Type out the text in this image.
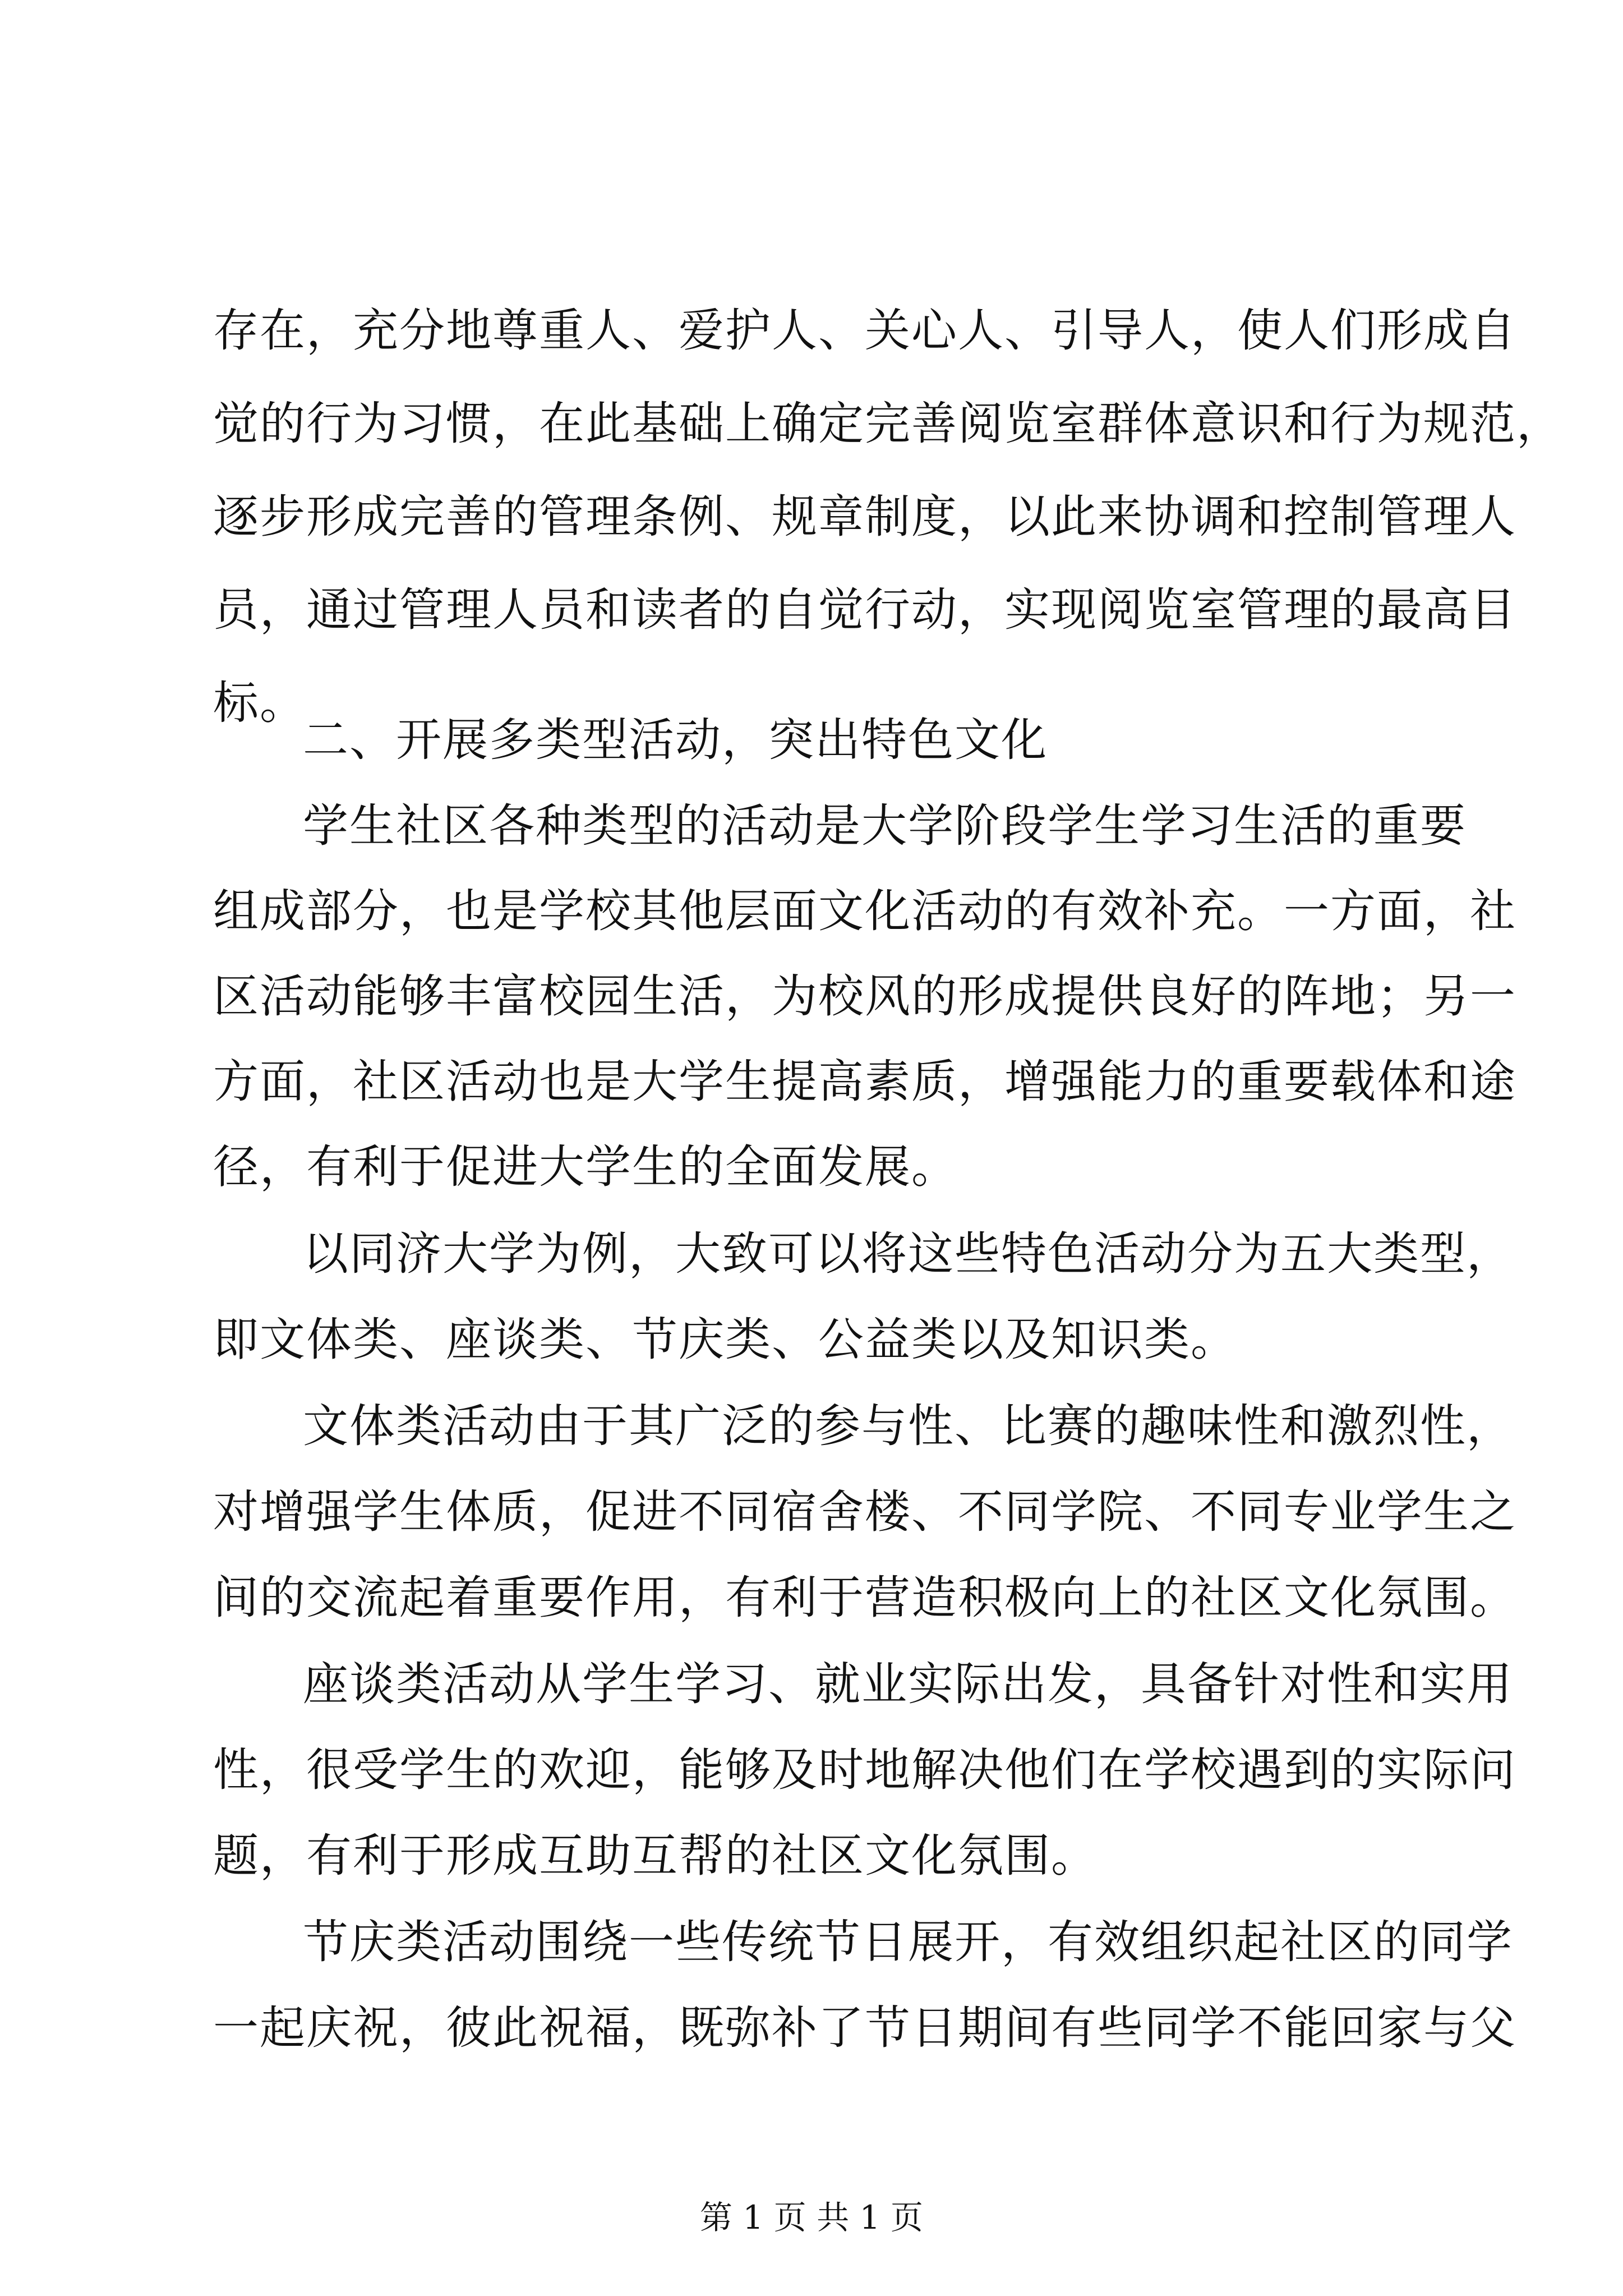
存在，充分地尊重人、爱护人、关心人、引导人，使人们形成自

觉的行为习惯，在此基础上确定完善阅览室群体意识和行为规范，

逐步形成完善的管理条例、规章制度，以此来协调和控制管理人

员，通过管理人员和读者的自觉行动，实现阅览室管理的最高目

标。

二、开展多类型活动，突出特色文化

学生社区各种类型的活动是大学阶段学生学习生活的重要

组成部分，也是学校其他层面文化活动的有效补充。一方面，社

区活动能够丰富校园生活，为校风的形成提供良好的阵地；另一

方面，社区活动也是大学生提高素质，增强能力的重要载体和途

径，有利于促进大学生的全面发展。

以同济大学为例，大致可以将这些特色活动分为五大类型，

即文体类、座谈类、节庆类、公益类以及知识类。

文体类活动由于其广泛的参与性、比赛的趣味性和激烈性，

对增强学生体质，促进不同宿舍楼、不同学院、不同专业学生之

间的交流起着重要作用，有利于营造积极向上的社区文化氛围。

座谈类活动从学生学习、就业实际出发，具备针对性和实用

性，很受学生的欢迎，能够及时地解决他们在学校遇到的实际问

题，有利于形成互助互帮的社区文化氛围。

节庆类活动围绕一些传统节日展开，有效组织起社区的同学

一起庆祝，彼此祝福，既弥补了节日期间有些同学不能回家与父

第 1 页 共 1 页
